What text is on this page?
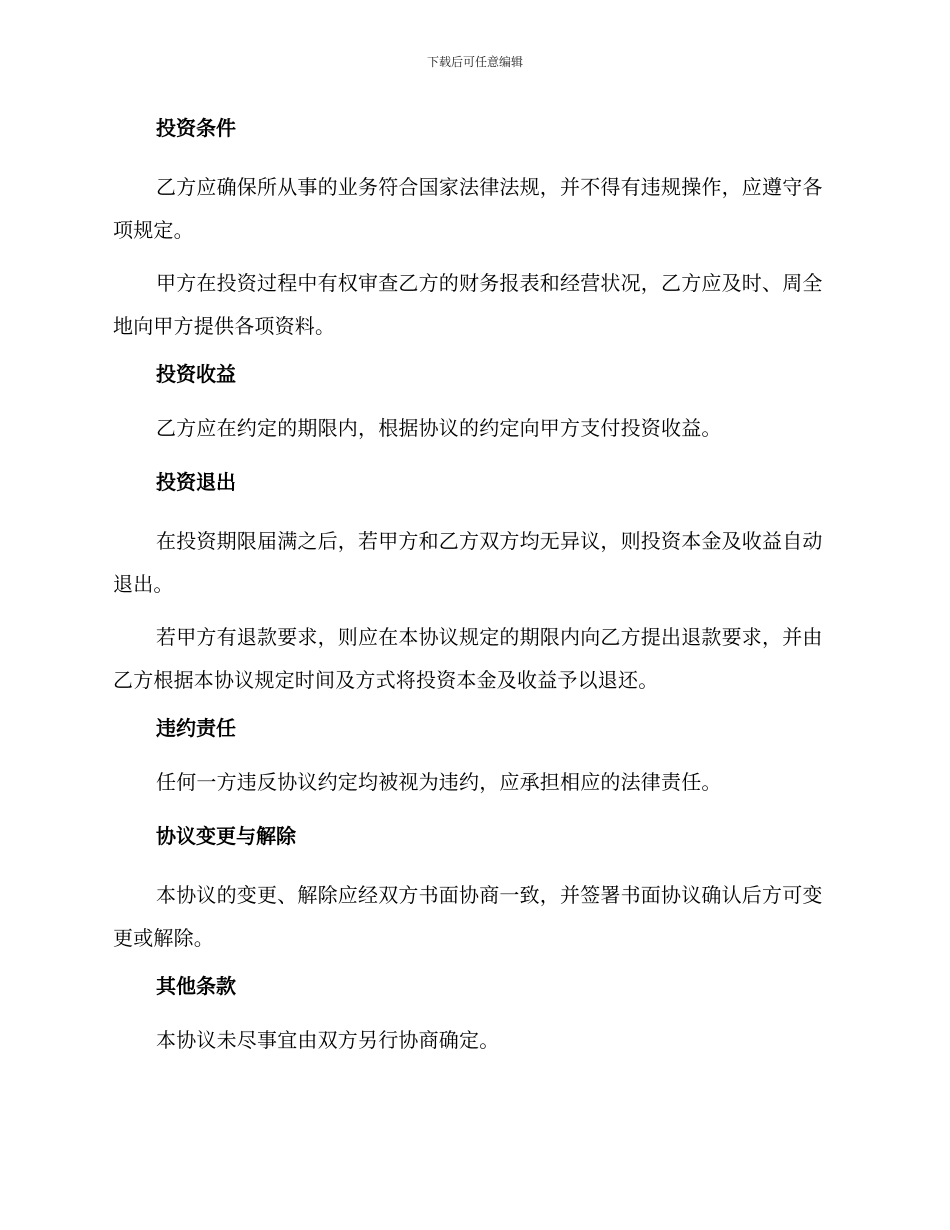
下载后可任意编辑
投资条件

乙方应确保所从事的业务符合国家法律法规，并不得有违规操作，应遵守各项规定。

甲方在投资过程中有权审查乙方的财务报表和经营状况，乙方应及时、周全地向甲方提供各项资料。

投资收益

乙方应在约定的期限内，根据协议的约定向甲方支付投资收益。

投资退出

在投资期限届满之后，若甲方和乙方双方均无异议，则投资本金及收益自动退出。

若甲方有退款要求，则应在本协议规定的期限内向乙方提出退款要求，并由乙方根据本协议规定时间及方式将投资本金及收益予以退还。

违约责任

任何一方违反协议约定均被视为违约，应承担相应的法律责任。

协议变更与解除

本协议的变更、解除应经双方书面协商一致，并签署书面协议确认后方可变更或解除。

其他条款

本协议未尽事宜由双方另行协商确定。
